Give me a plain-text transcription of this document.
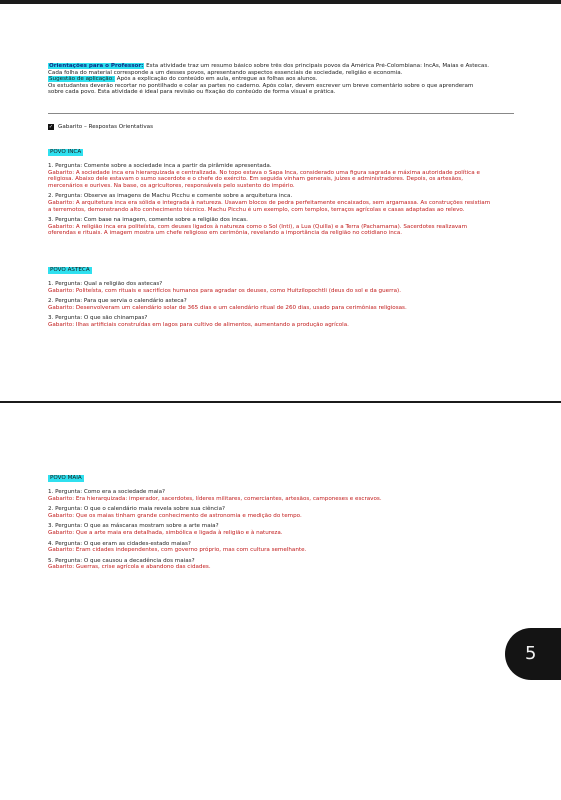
Orientações para o Professor: Esta atividade traz um resumo básico sobre três dos principais povos da América Pré-Colombiana: IncAs, Maias e Astecas.
Cada folha do material corresponde a um desses povos, apresentando aspectos essenciais de sociedade, religião e economia.
Sugestão de aplicação: Após a explicação do conteúdo em aula, entregue as folhas aos alunos.
Os estudantes deverão recortar no pontilhado e colar as partes no caderno. Após colar, devem escrever um breve comentário sobre o que aprenderam
sobre cada povo. Esta atividade é ideal para revisão ou fixação do conteúdo de forma visual e prática.
✓ Gabarito – Respostas Orientativas
POVO INCA
1. Pergunta: Comente sobre a sociedade inca a partir da pirâmide apresentada.
Gabarito: A sociedade inca era hierarquizada e centralizada. No topo estava o Sapa Inca, considerado uma figura sagrada e máxima autoridade política e
religiosa. Abaixo dele estavam o sumo sacerdote e o chefe do exército. Em seguida vinham generais, juízes e administradores. Depois, os artesãos,
mercenários e ourives. Na base, os agricultores, responsáveis pelo sustento do império.
2. Pergunta: Observe as imagens de Machu Picchu e comente sobre a arquitetura inca.
Gabarito: A arquitetura inca era sólida e integrada à natureza. Usavam blocos de pedra perfeitamente encaixados, sem argamassa. As construções resistiam
a terremotos, demonstrando alto conhecimento técnico. Machu Picchu é um exemplo, com templos, terraços agrícolas e casas adaptadas ao relevo.
3. Pergunta: Com base na imagem, comente sobre a religião dos incas.
Gabarito: A religião inca era politeísta, com deuses ligados à natureza como o Sol (Inti), a Lua (Quilla) e a Terra (Pachamama). Sacerdotes realizavam
oferendas e rituais. A imagem mostra um chefe religioso em cerimônia, revelando a importância da religião no cotidiano inca.
POVO ASTECA
1. Pergunta: Qual a religião dos astecas?
Gabarito: Politeísta, com rituais e sacrifícios humanos para agradar os deuses, como Huitzilopochtli (deus do sol e da guerra).
2. Pergunta: Para que servia o calendário asteca?
Gabarito: Desenvolveram um calendário solar de 365 dias e um calendário ritual de 260 dias, usado para cerimônias religiosas.
3. Pergunta: O que são chinampas?
Gabarito: Ilhas artificiais construídas em lagos para cultivo de alimentos, aumentando a produção agrícola.
POVO MAIA
1. Pergunta: Como era a sociedade maia?
Gabarito: Era hierarquizada: imperador, sacerdotes, líderes militares, comerciantes, artesãos, camponeses e escravos.
2. Pergunta: O que o calendário maia revela sobre sua ciência?
Gabarito: Que os maias tinham grande conhecimento de astronomia e medição do tempo.
3. Pergunta: O que as máscaras mostram sobre a arte maia?
Gabarito: Que a arte maia era detalhada, simbólica e ligada à religião e à natureza.
4. Pergunta: O que eram as cidades-estado maias?
Gabarito: Eram cidades independentes, com governo próprio, mas com cultura semelhante.
5. Pergunta: O que causou a decadência dos maias?
Gabarito: Guerras, crise agrícola e abandono das cidades.
5
